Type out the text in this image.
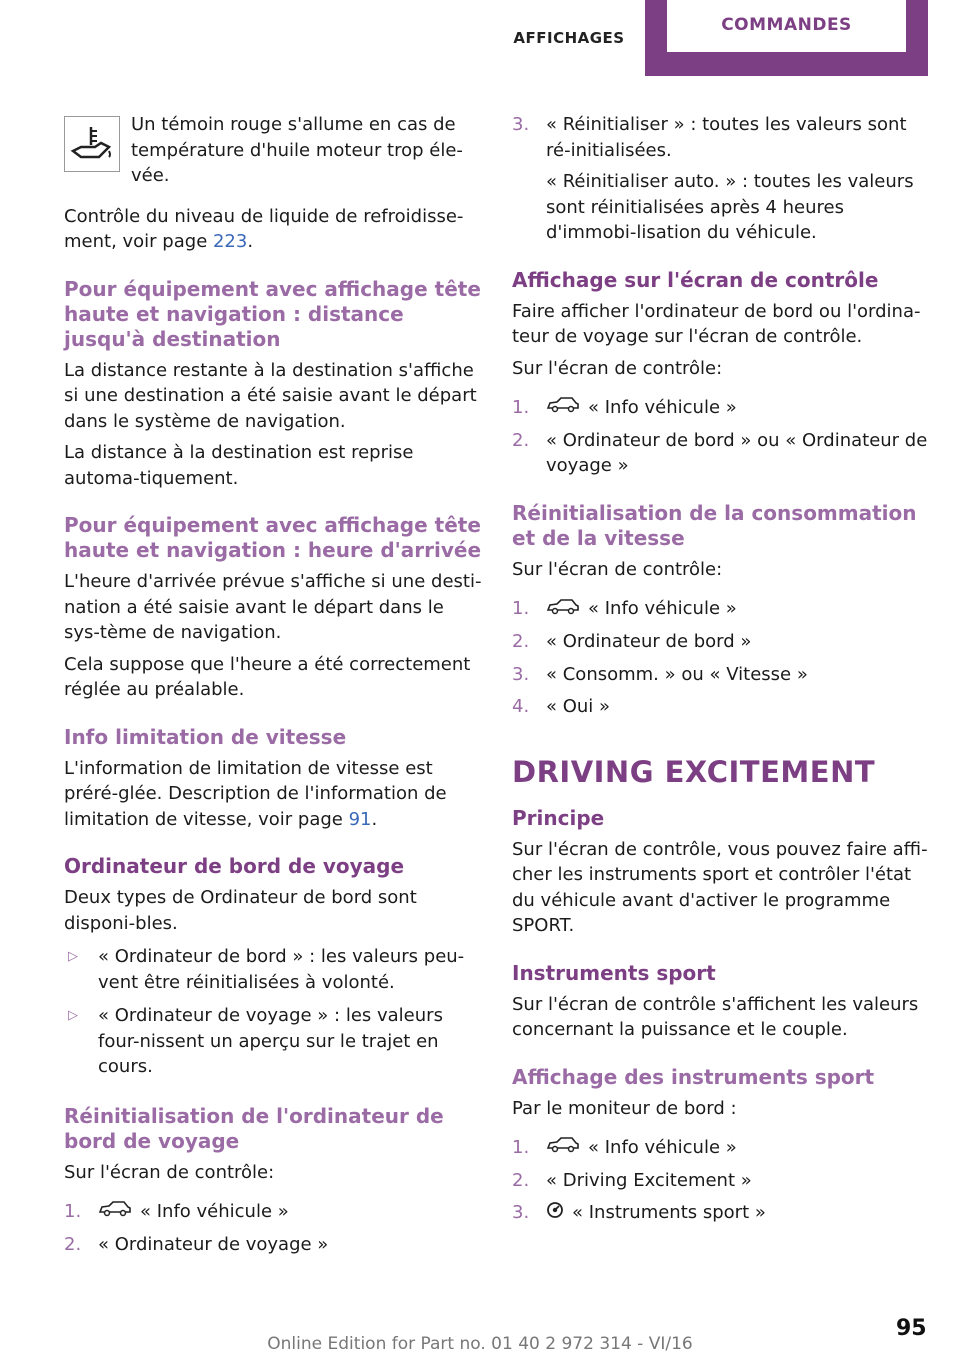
AFFICHAGES
COMMANDES

Un témoin rouge s'allume en cas de température d'huile moteur trop éle-vée.

Contrôle du niveau de liquide de refroidisse-ment, voir page 223.

Pour équipement avec affichage tête haute et navigation : distance jusqu'à destination

La distance restante à la destination s'affiche si une destination a été saisie avant le départ dans le système de navigation.

La distance à la destination est reprise automa-tiquement.

Pour équipement avec affichage tête haute et navigation : heure d'arrivée

L'heure d'arrivée prévue s'affiche si une desti-nation a été saisie avant le départ dans le sys-tème de navigation.

Cela suppose que l'heure a été correctement réglée au préalable.

Info limitation de vitesse

L'information de limitation de vitesse est préré-glée. Description de l'information de limitation de vitesse, voir page 91.

Ordinateur de bord de voyage

Deux types de Ordinateur de bord sont disponi-bles.

▷ « Ordinateur de bord » : les valeurs peu-vent être réinitialisées à volonté.
▷ « Ordinateur de voyage » : les valeurs four-nissent un aperçu sur le trajet en cours.

Réinitialisation de l'ordinateur de bord de voyage

Sur l'écran de contrôle:

1.	« Info véhicule »
2. « Ordinateur de voyage »
3. « Réinitialiser » : toutes les valeurs sont ré-initialisées.
« Réinitialiser auto. » : toutes les valeurs sont réinitialisées après 4 heures d'immobi-lisation du véhicule.

Affichage sur l'écran de contrôle

Faire afficher l'ordinateur de bord ou l'ordina-teur de voyage sur l'écran de contrôle.

Sur l'écran de contrôle:

1.	« Info véhicule »
2. « Ordinateur de bord » ou « Ordinateur de voyage »

Réinitialisation de la consommation et de la vitesse

Sur l'écran de contrôle:

1.	« Info véhicule »
2. « Ordinateur de bord »
3. « Consomm. » ou « Vitesse »
4. « Oui »

DRIVING EXCITEMENT

Principe

Sur l'écran de contrôle, vous pouvez faire affi-cher les instruments sport et contrôler l'état du véhicule avant d'activer le programme SPORT.

Instruments sport

Sur l'écran de contrôle s'affichent les valeurs concernant la puissance et le couple.

Affichage des instruments sport

Par le moniteur de bord :

1.	« Info véhicule »
2. « Driving Excitement »
3. « Instruments sport »
95
Online Edition for Part no. 01 40 2 972 314 - VI/16
